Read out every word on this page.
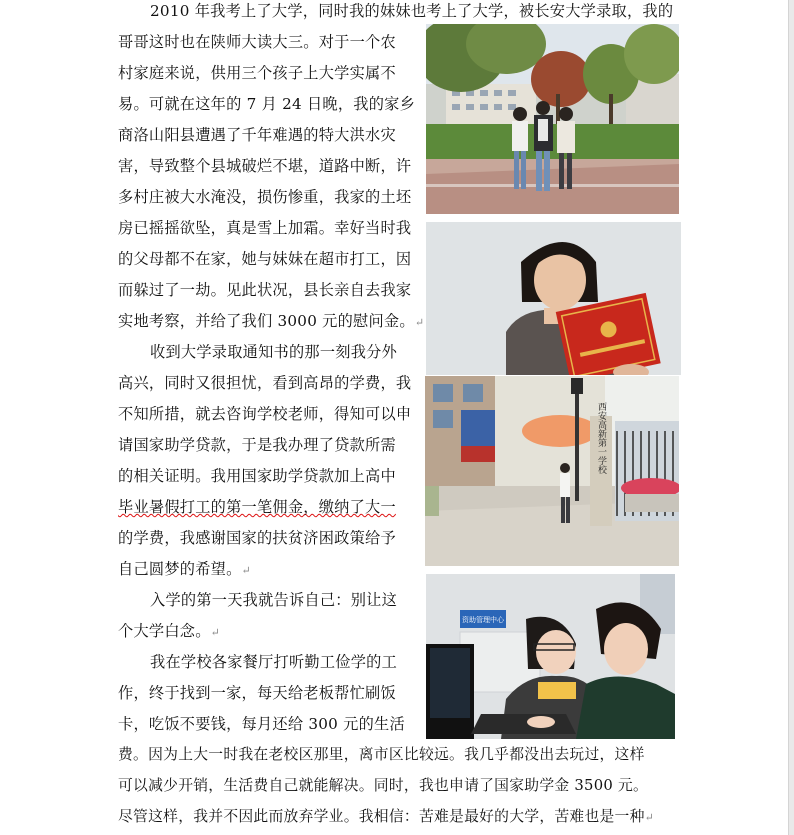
2010 年我考上了大学，同时我的妹妹也考上了大学，被长安大学录取，我的
哥哥这时也在陕师大读大三。对于一个农
村家庭来说，供用三个孩子上大学实属不
易。可就在这年的 7 月 24 日晚，我的家乡
商洛山阳县遭遇了千年难遇的特大洪水灾
害，导致整个县城破烂不堪，道路中断，许
多村庄被大水淹没，损伤惨重，我家的土坯
房已摇摇欲坠，真是雪上加霜。幸好当时我
的父母都不在家，她与妹妹在超市打工，因
而躲过了一劫。见此状况，县长亲自去我家
实地考察，并给了我们 3000 元的慰问金。↵
收到大学录取通知书的那一刻我分外
高兴，同时又很担忧，看到高昂的学费，我
不知所措，就去咨询学校老师，得知可以申
请国家助学贷款，于是我办理了贷款所需
的相关证明。我用国家助学贷款加上高中
毕业暑假打工的第一笔佣金，缴纳了大一
的学费，我感谢国家的扶贫济困政策给予
自己圆梦的希望。↵
入学的第一天我就告诉自己：别让这
个大学白念。↵
我在学校各家餐厅打听勤工俭学的工
作，终于找到一家，每天给老板帮忙刷饭
卡，吃饭不要钱，每月还给 300 元的生活
费。因为上大一时我在老校区那里，离市区比较远。我几乎都没出去玩过，这样
可以减少开销，生活费自己就能解决。同时，我也申请了国家助学金 3500 元。
尽管这样，我并不因此而放弃学业。我相信：苦难是最好的大学，苦难也是一种↵
西安高新第一学校
资助管理中心
